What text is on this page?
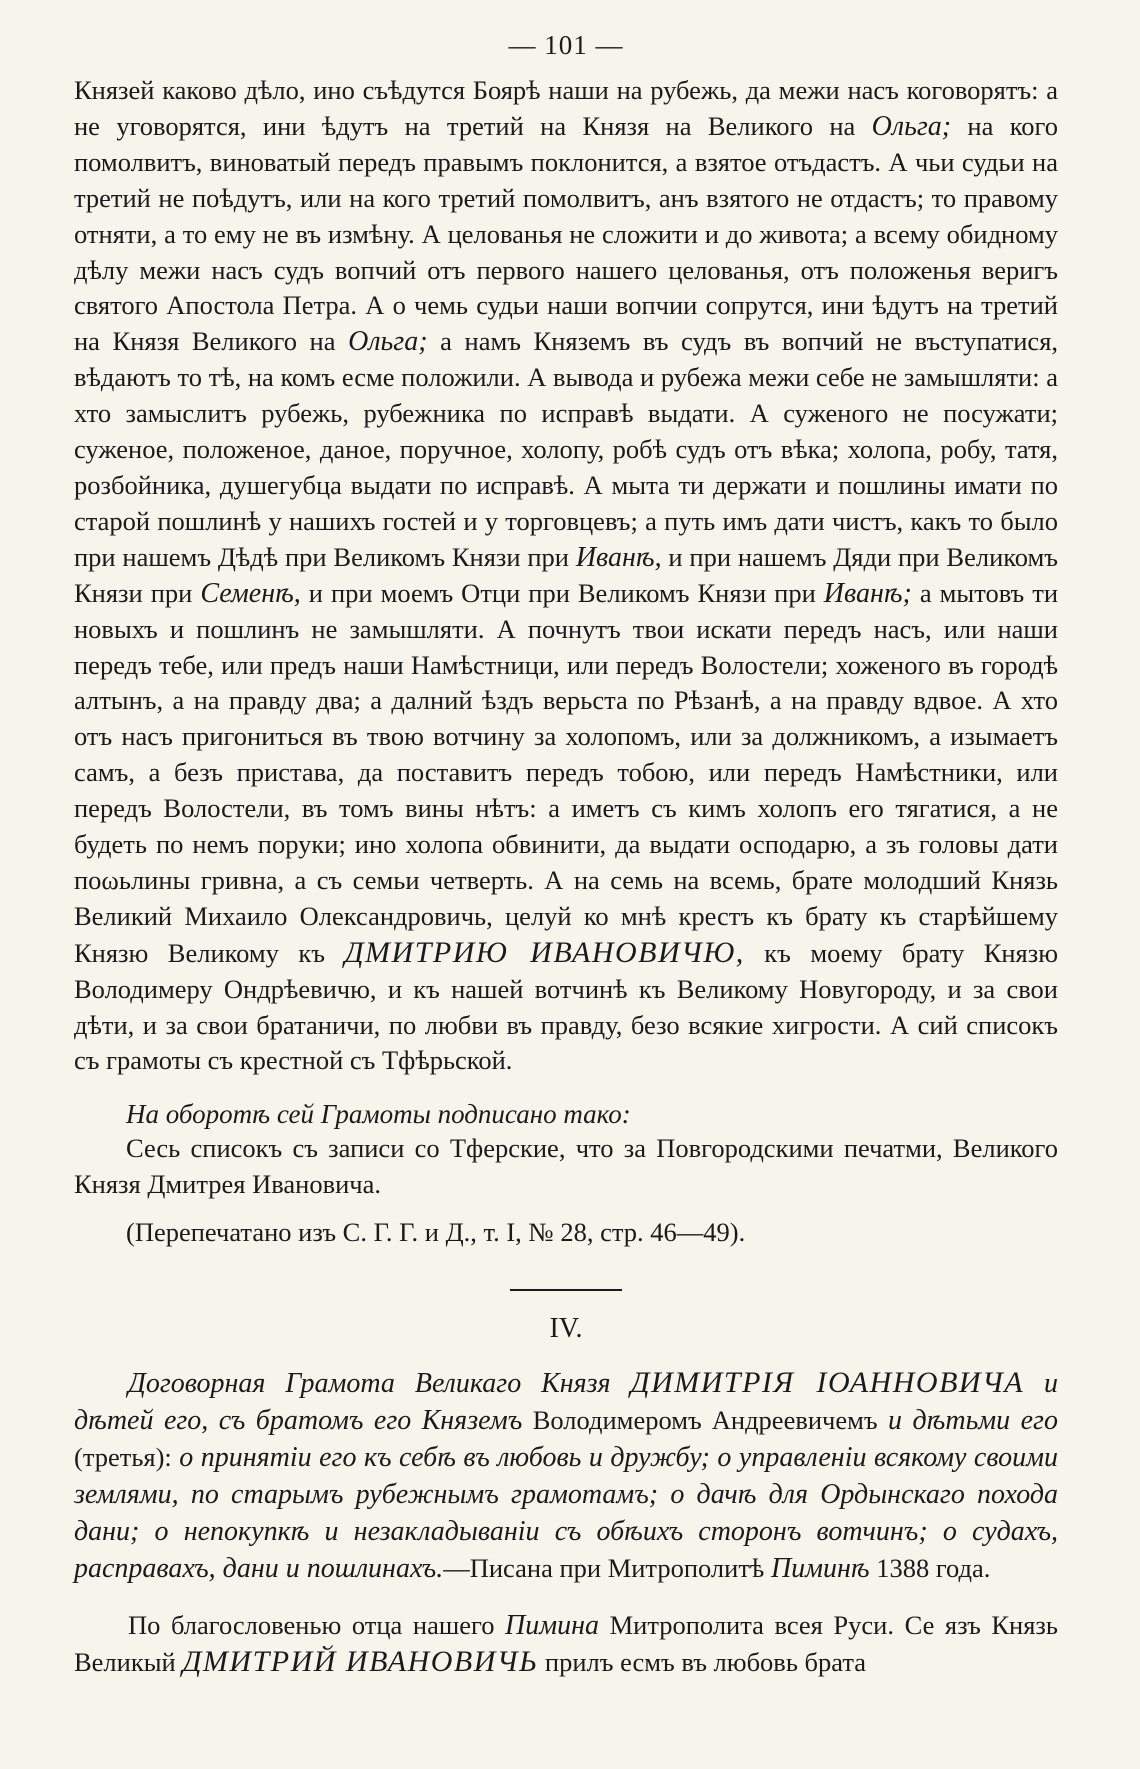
— 101 —

Князей каково дѣло, ино съѣдутся Боярѣ наши на рубежь, да межи насъ коговорятъ: а не уговорятся, ини ѣдутъ на третий на Князя на Великого на Ольга; на кого помолвитъ, виноватый передъ правымъ поклонится, а взятое отъдастъ. А чьи судьи на третий не поѣдутъ, или на кого третий помолвитъ, анъ взятого не отдастъ; то правому отняти, а то ему не въ измѣну. А целованья не сложити и до живота; а всему обидному дѣлу межи насъ судъ вопчий отъ первого нашего целованья, отъ положенья веригъ святого Апостола Петра. А о чемь судьи наши вопчии сопрутся, ини ѣдутъ на третий на Князя Великого на Ольга; а намъ Княземъ въ судъ въ вопчий не въступатися, вѣдаютъ то тѣ, на комъ есме положили. А вывода и рубежа межи себе не замышляти: а хто замыслитъ рубежь, рубежника по исправѣ выдати. А суженого не посужати; суженое, положеное, даное, поручное, холопу, робѣ судъ отъ вѣка; холопа, робу, татя, розбойника, душегубца выдати по исправѣ. А мыта ти держати и пошлины имати по старой пошлинѣ у нашихъ гостей и у торговцевъ; а путь имъ дати чистъ, какъ то было при нашемъ Дѣдѣ при Великомъ Князи при Иванѣ, и при нашемъ Дяди при Великомъ Князи при Семенѣ, и при моемъ Отци при Великомъ Князи при Иванѣ; а мытовъ ти новыхъ и пошлинъ не замышляти. А почнутъ твои искати передъ насъ, или наши передъ тебе, или предъ наши Намѣстници, или передъ Волостели; хоженого въ городѣ алтынъ, а на правду два; а далний ѣздъ верьста по Рѣзанѣ, а на правду вдвое. А хто отъ насъ пригониться въ твою вотчину за холопомъ, или за должникомъ, а изымаетъ самъ, а безъ пристава, да поставитъ передъ тобою, или передъ Намѣстники, или передъ Волостели, въ томъ вины нѣтъ: а иметъ съ кимъ холопъ его тягатися, а не будеть по немъ поруки; ино холопа обвинити, да выдати осподарю, а зъ головы дати поωьлины гривна, а съ семьи четверть. А на семь на всемь, брате молодший Князь Великий Михаило Олександровичь, целуй ко мнѣ крестъ къ брату къ старѣйшему Князю Великому къ ДМИТРИЮ ИВАНОВИЧЮ, къ моему брату Князю Володимеру Ондрѣевичю, и къ нашей вотчинѣ къ Великому Новугороду, и за свои дѣти, и за свои братаничи, по любви въ правду, безо всякие хигрости. А сий списокъ съ грамоты съ крестной съ Тфѣрьской.

На оборотѣ сей Грамоты подписано тако:

Сесь списокъ съ записи со Тферские, что за Повгородскими печатми, Великого Князя Дмитрея Ивановича.

(Перепечатано изъ С. Г. Г. и Д., т. I, № 28, стр. 46—49).
IV.

Договорная Грамота Великаго Князя ДИМИТРІЯ ІОАННОВИЧА и дѣтей его, съ братомъ его Княземъ Володимеромъ Андреевичемъ и дѣтьми его (третья): о принятіи его къ себѣ въ любовь и дружбу; о управленіи всякому своими землями, по старымъ рубежнымъ грамотамъ; о дачѣ для Ордынскаго похода дани; о непокупкѣ и незакладываніи съ обѣихъ сторонъ вотчинъ; о судахъ, расправахъ, дани и пошлинахъ.—Писана при Митрополитѣ Пиминѣ 1388 года.

По благословенью отца нашего Пимина Митрополита всея Руси. Се язъ Князь Великый ДМИТРИЙ ИВАНОВИЧЬ прилъ есмъ въ любовь брата
